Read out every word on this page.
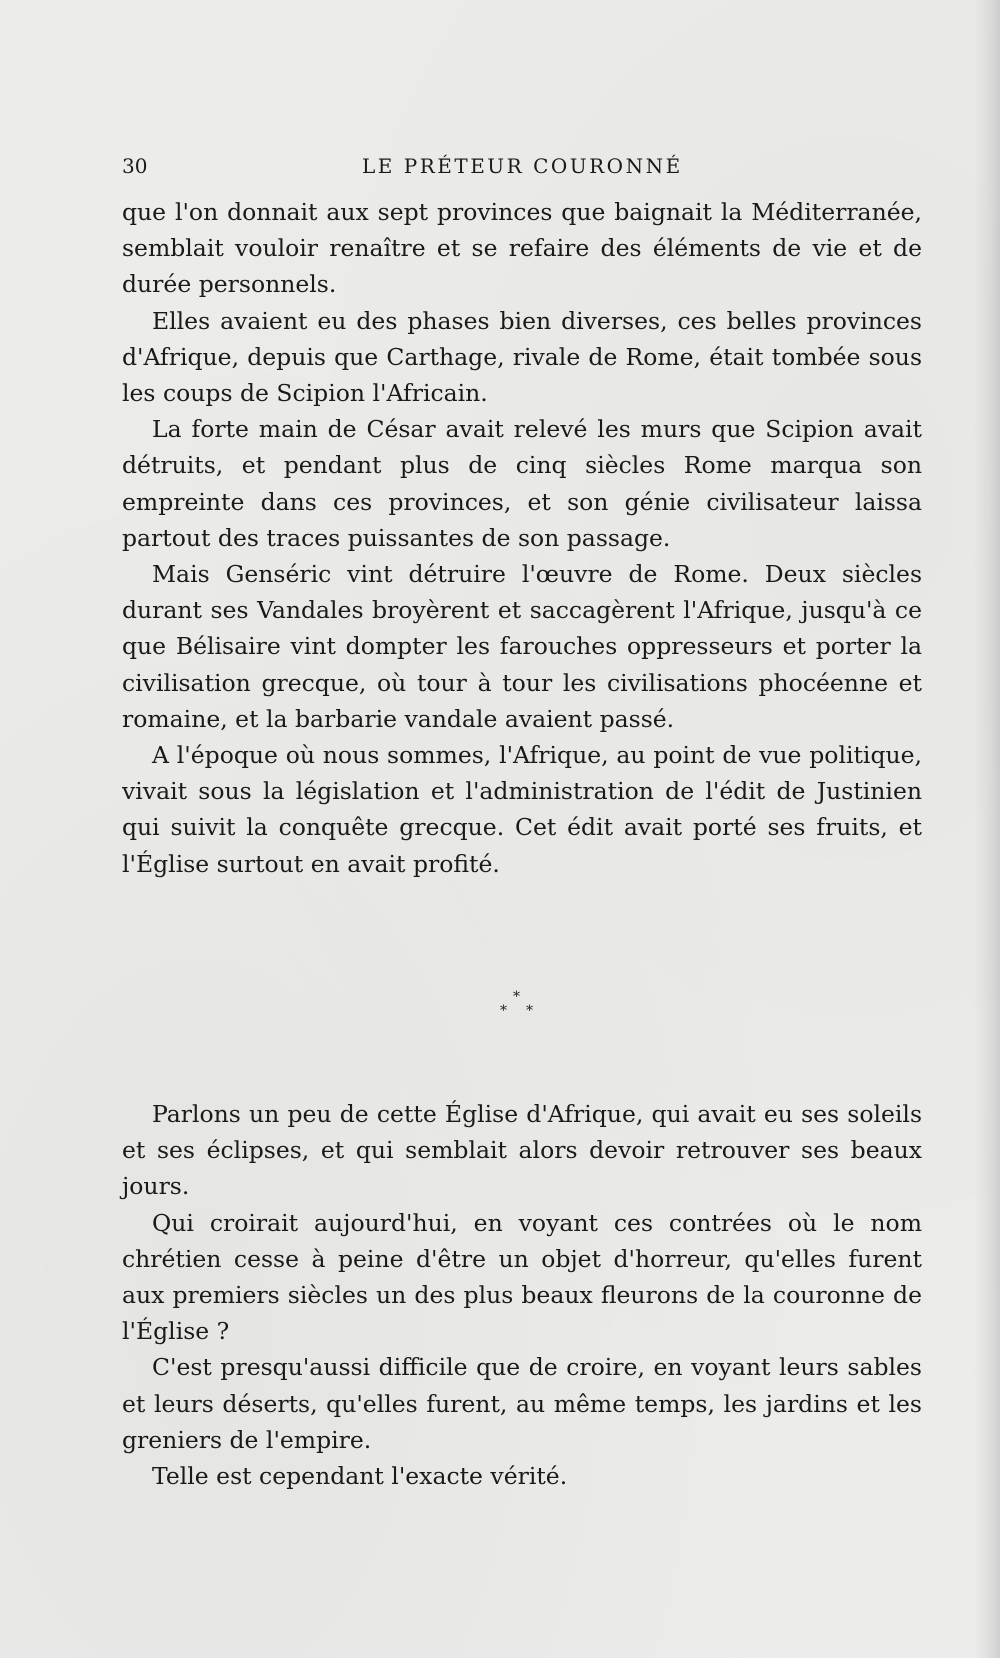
30	LE PRÉTEUR COURONNÉ

que l'on donnait aux sept provinces que baignait la Méditerranée, semblait vouloir renaître et se refaire des éléments de vie et de durée personnels.

Elles avaient eu des phases bien diverses, ces belles provinces d'Afrique, depuis que Carthage, rivale de Rome, était tombée sous les coups de Scipion l'Africain.

La forte main de César avait relevé les murs que Scipion avait détruits, et pendant plus de cinq siècles Rome marqua son empreinte dans ces provinces, et son génie civilisateur laissa partout des traces puissantes de son passage.

Mais Genséric vint détruire l'œuvre de Rome. Deux siècles durant ses Vandales broyèrent et saccagèrent l'Afrique, jusqu'à ce que Bélisaire vint dompter les farouches oppresseurs et porter la civilisation grecque, où tour à tour les civilisations phocéenne et romaine, et la barbarie vandale avaient passé.

A l'époque où nous sommes, l'Afrique, au point de vue politique, vivait sous la législation et l'administration de l'édit de Justinien qui suivit la conquête grecque. Cet édit avait porté ses fruits, et l'Église surtout en avait profité.

*
* *

Parlons un peu de cette Église d'Afrique, qui avait eu ses soleils et ses éclipses, et qui semblait alors devoir retrouver ses beaux jours.

Qui croirait aujourd'hui, en voyant ces contrées où le nom chrétien cesse à peine d'être un objet d'horreur, qu'elles furent aux premiers siècles un des plus beaux fleurons de la couronne de l'Église ?

C'est presqu'aussi difficile que de croire, en voyant leurs sables et leurs déserts, qu'elles furent, au même temps, les jardins et les greniers de l'empire.

Telle est cependant l'exacte vérité.
